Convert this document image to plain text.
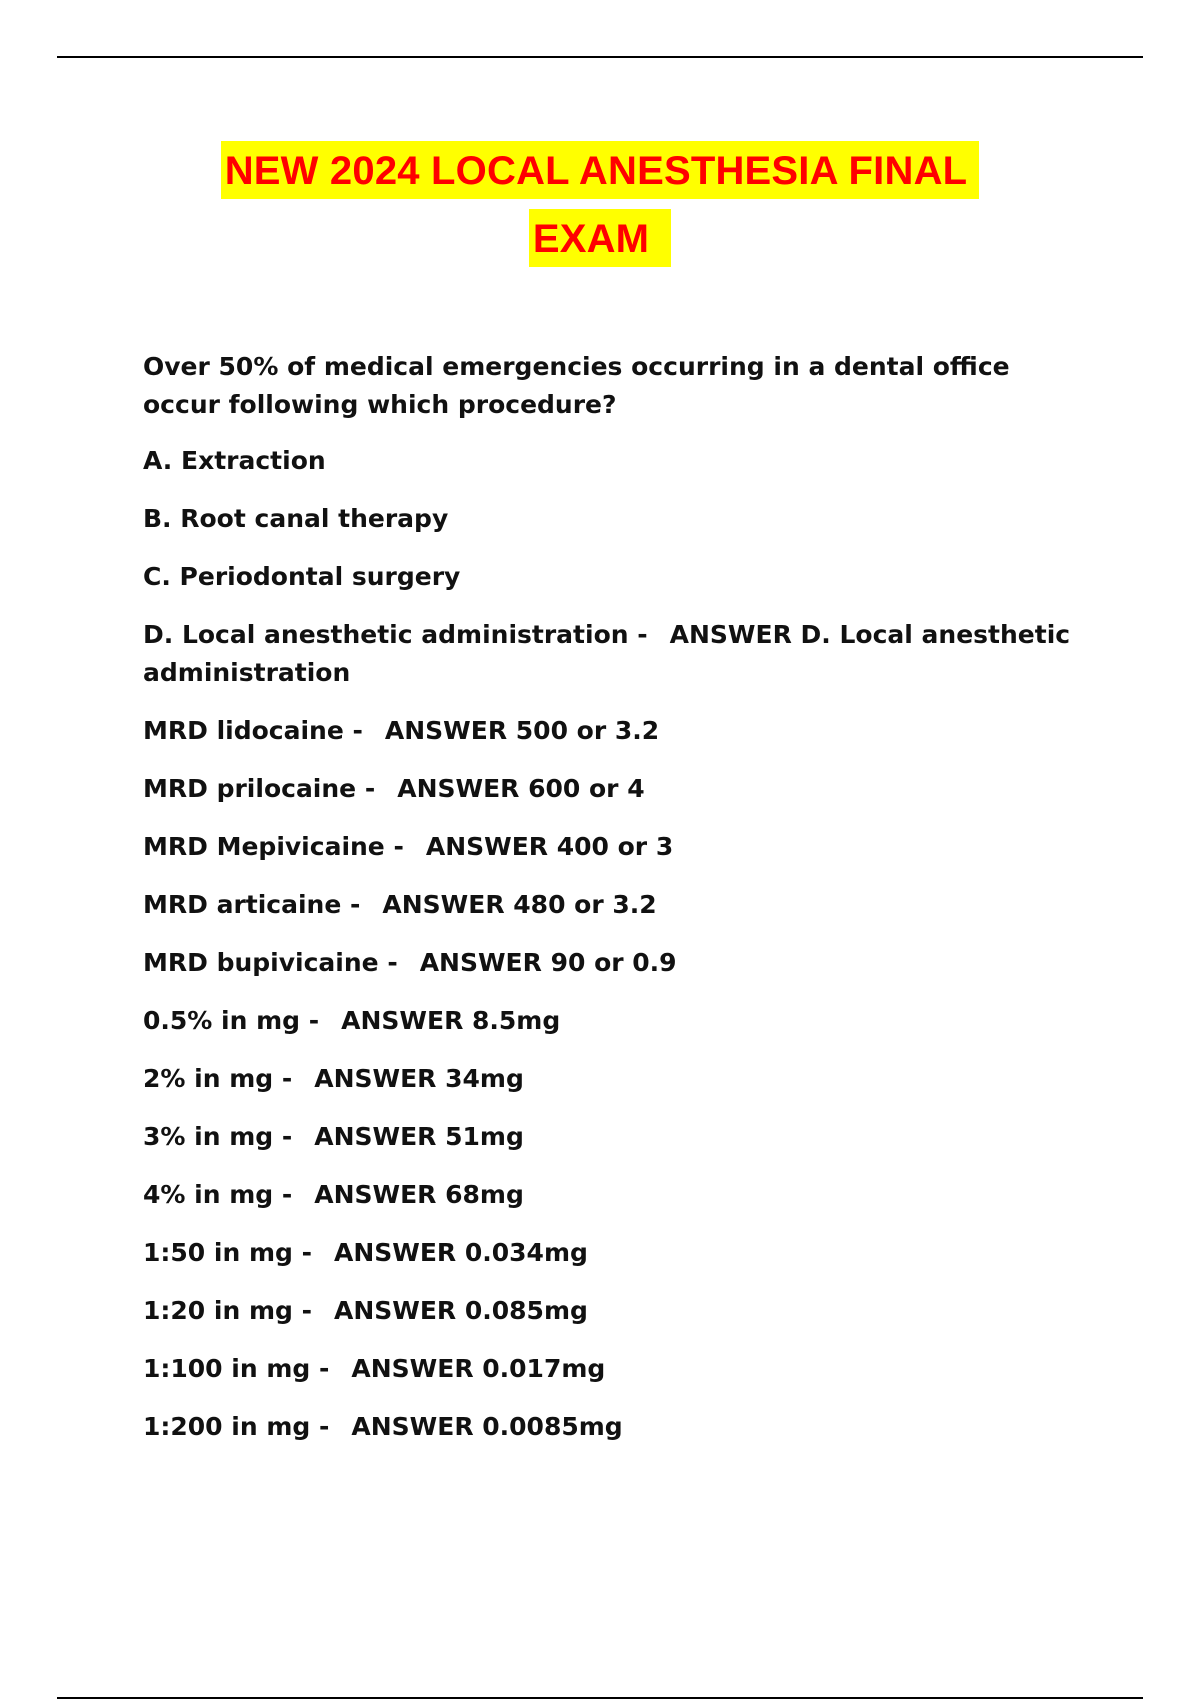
NEW 2024 LOCAL ANESTHESIA FINAL
EXAM

Over 50% of medical emergencies occurring in a dental office occur following which procedure?

A. Extraction

B. Root canal therapy

C. Periodontal surgery

D. Local anesthetic administration - ANSWER D. Local anesthetic administration

MRD lidocaine - ANSWER 500 or 3.2

MRD prilocaine - ANSWER 600 or 4

MRD Mepivicaine - ANSWER 400 or 3

MRD articaine - ANSWER 480 or 3.2

MRD bupivicaine - ANSWER 90 or 0.9

0.5% in mg - ANSWER 8.5mg

2% in mg - ANSWER 34mg

3% in mg - ANSWER 51mg

4% in mg - ANSWER 68mg

1:50 in mg - ANSWER 0.034mg

1:20 in mg - ANSWER 0.085mg

1:100 in mg - ANSWER 0.017mg

1:200 in mg - ANSWER 0.0085mg
